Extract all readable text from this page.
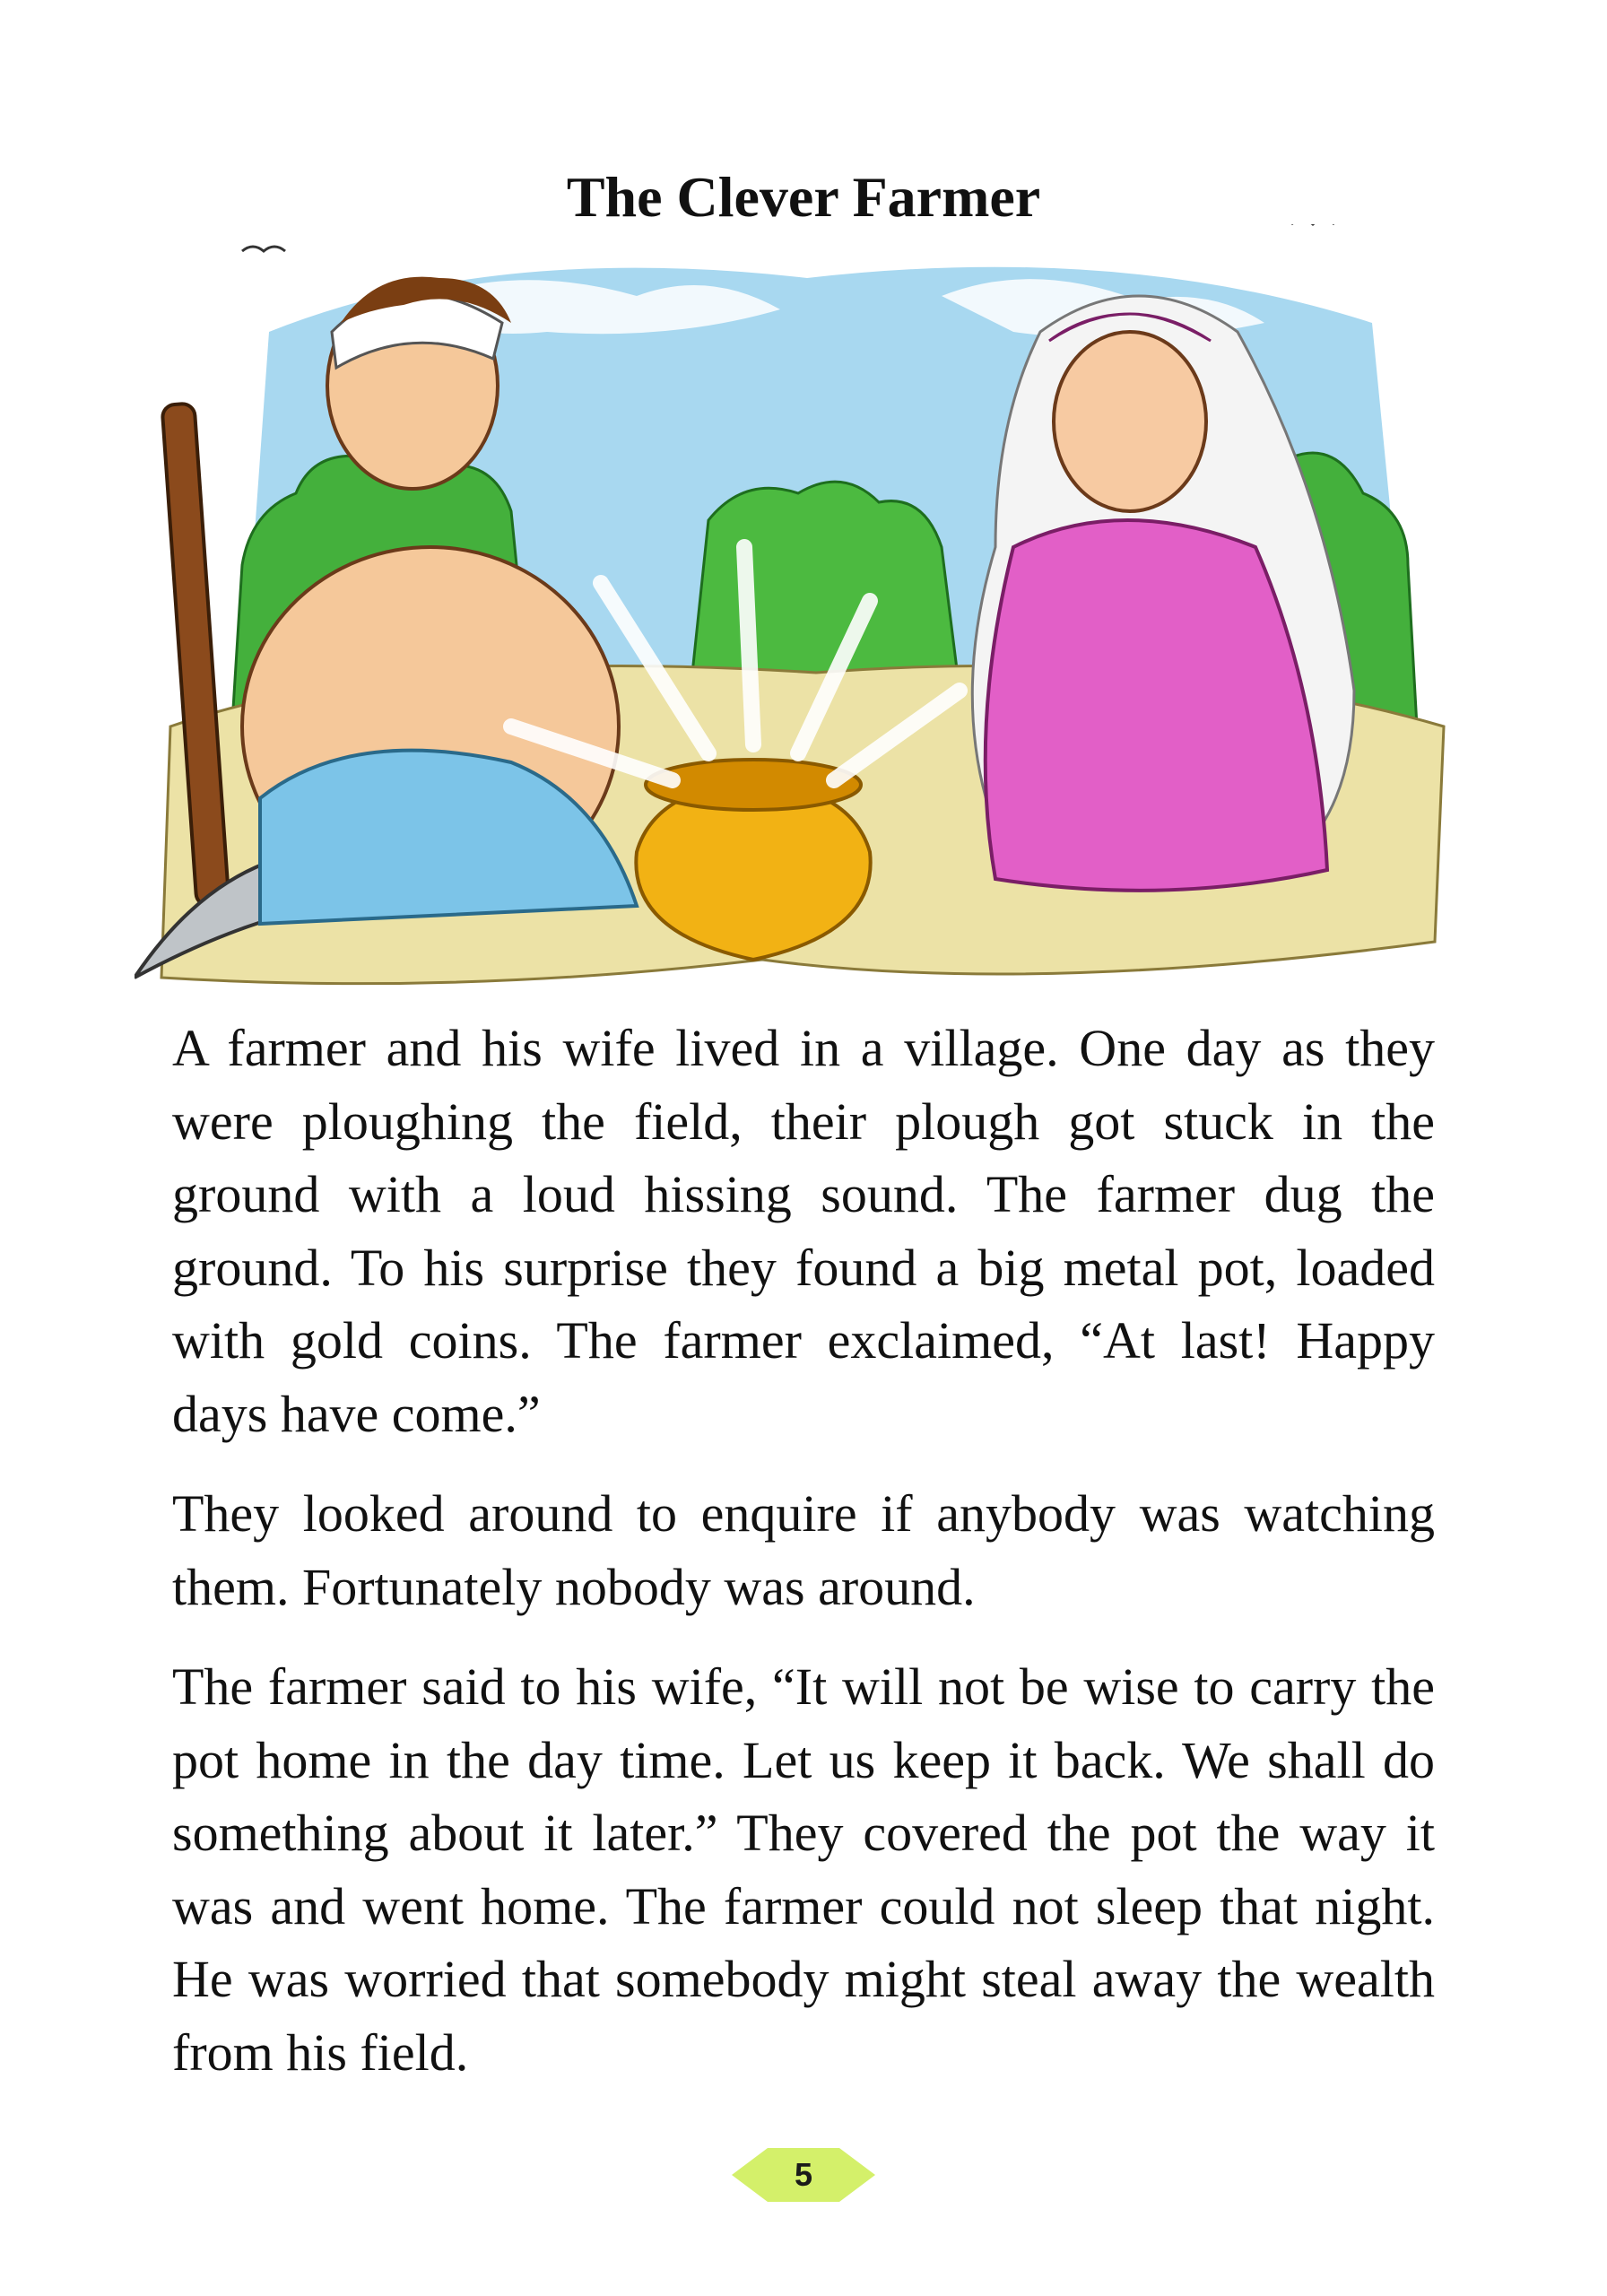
The Clever Farmer

A farmer and his wife lived in a village. One day as they were ploughing the field, their plough got stuck in the ground with a loud hissing sound. The farmer dug the ground. To his surprise they found a big metal pot, loaded with gold coins. The farmer exclaimed, “At last! Happy days have come.”

They looked around to enquire if anybody was watching them. Fortunately nobody was around.

The farmer said to his wife, “It will not be wise to carry the pot home in the day time. Let us keep it back. We shall do something about it later.” They covered the pot the way it was and went home. The farmer could not sleep that night. He was worried that somebody might steal away the wealth from his field.

5
